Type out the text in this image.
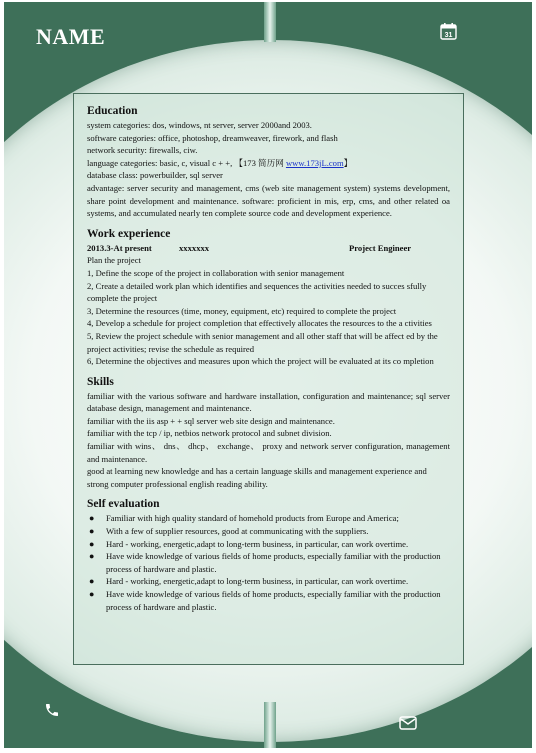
NAME	31
Education

system categories: dos, windows, nt server, server 2000and 2003.

software categories: office, photoshop, dreamweaver, firework, and flash

network security: firewalls, ciw.

language categories: basic, c, visual c + +, 【173 简历网 www.173jL.com】

database class: powerbuilder, sql server

advantage: server security and management, cms (web site management system) systems development, share point development and maintenance. software: proficient in mis, erp, cms, and other related oa systems, and accumulated nearly ten complete source code and development experience.

Work experience
2013.3-At present	xxxxxxx	Project Engineer

Plan the project

1, Define the scope of the project in collaboration with senior management

2, Create a detailed work plan which identifies and sequences the activities needed to succes sfully complete the project

3, Determine the resources (time, money, equipment, etc) required to complete the project

4, Develop a schedule for project completion that effectively allocates the resources to the a ctivities

5, Review the project schedule with senior management and all other staff that will be affect ed by the project activities; revise the schedule as required

6, Determine the objectives and measures upon which the project will be evaluated at its co mpletion

Skills

familiar with the various software and hardware installation, configuration and maintenance; sql server database design, management and maintenance.

familiar with the iis asp + + sql server web site design and maintenance.

familiar with the tcp / ip, netbios network protocol and subnet division.

familiar with wins、 dns、 dhcp、 exchange、 proxy and network server configuration, management and maintenance.

good at learning new knowledge and has a certain language skills and management experience and strong computer professional english reading ability.

Self evaluation
● Familiar with high quality standard of homehold products from Europe and America;
● With a few of supplier resources, good at communicating with the suppliers.
● Hard - working, energetic,adapt to long-term business, in particular, can work overtime.
● Have wide knowledge of various fields of home products, especially familiar with the production process of hardware and plastic.
● Hard - working, energetic,adapt to long-term business, in particular, can work overtime.
● Have wide knowledge of various fields of home products, especially familiar with the production process of hardware and plastic.
